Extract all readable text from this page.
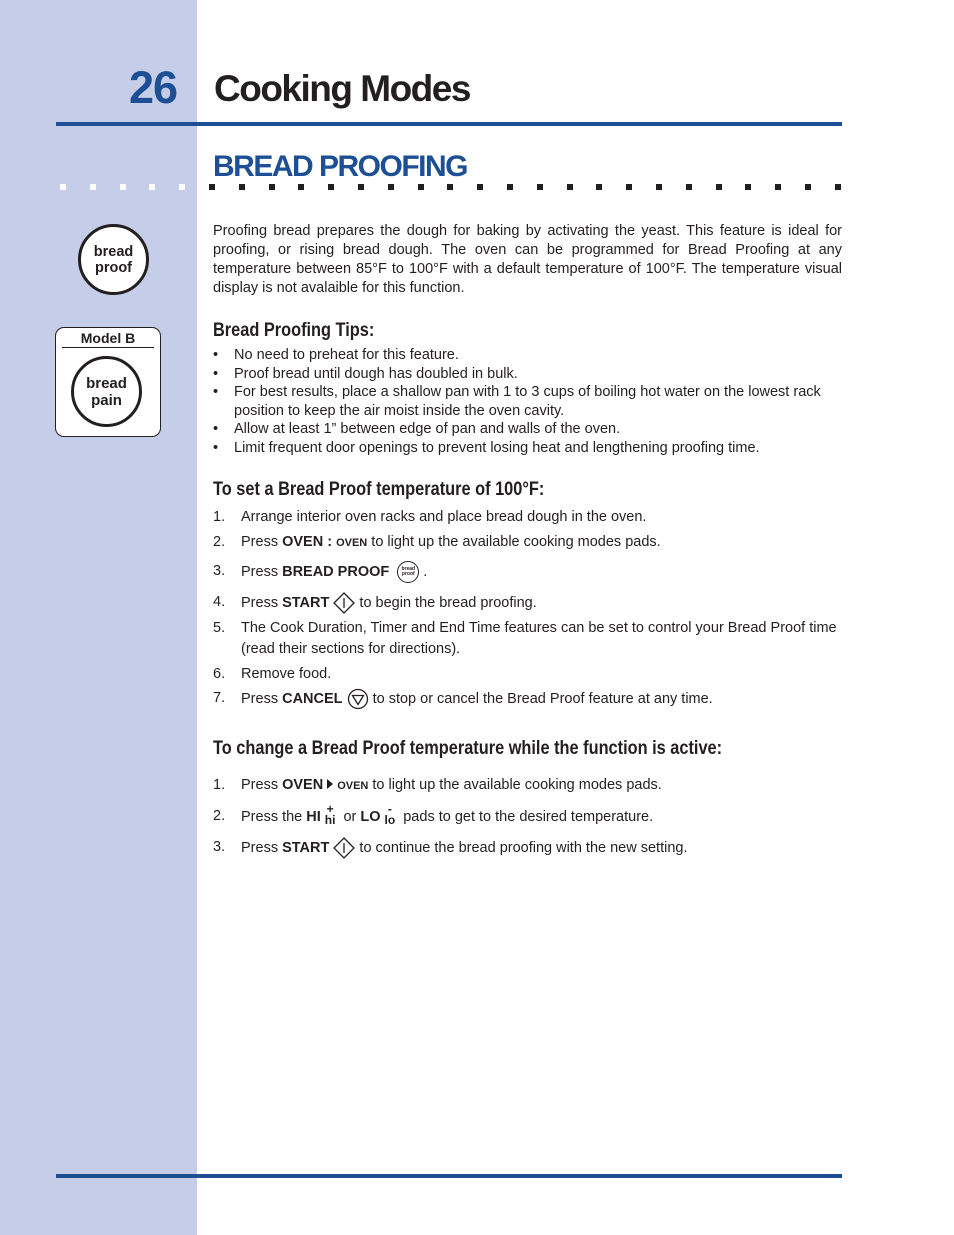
26 Cooking Modes
BREAD PROOFING
bread
proof
Model B
bread
pain
Proofing bread prepares the dough for baking by activating the yeast. This feature is ideal for proofing, or rising bread dough. The oven can be programmed for Bread Proofing at any temperature between 85°F to 100°F with a default temperature of 100°F. The temperature visual display is not avalaible for this function.
Bread Proofing Tips:
• No need to preheat for this feature.
• Proof bread until dough has doubled in bulk.
• For best results, place a shallow pan with 1 to 3 cups of boiling hot water on the lowest rack position to keep the air moist inside the oven cavity.
• Allow at least 1” between edge of pan and walls of the oven.
• Limit frequent door openings to prevent losing heat and lengthening proofing time.
To set a Bread Proof temperature of 100°F:
1. Arrange interior oven racks and place bread dough in the oven.
2. Press OVEN : OVEN to light up the available cooking modes pads.
3. Press BREAD PROOF bread
proof .
4. Press START  to begin the bread proofing.
5. The Cook Duration, Timer and End Time features can be set to control your Bread Proof time (read their sections for directions).
6. Remove food.
7. Press CANCEL  to stop or cancel the Bread Proof feature at any time.
To change a Bread Proof temperature while the function is active:
1. Press OVEN OVEN to light up the available cooking modes pads.
2. Press the HI +
hi or LO -
lo pads to get to the desired temperature.
3. Press START  to continue the bread proofing with the new setting.
